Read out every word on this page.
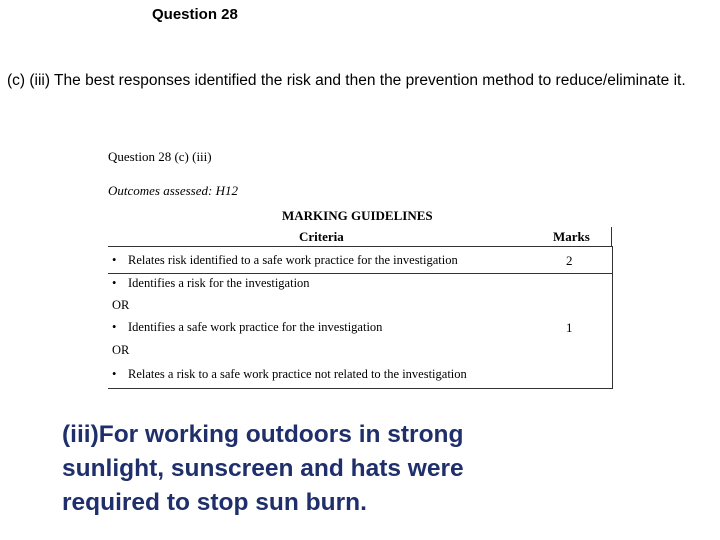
Question 28
(c) (iii) The best responses identified the risk and then the prevention method to reduce/eliminate it.
Question 28 (c) (iii)
Outcomes assessed: H12
MARKING GUIDELINES
Criteria	Marks
• Relates risk identified to a safe work practice for the investigation	2
• Identifies a risk for the investigation
OR
• Identifies a safe work practice for the investigation
OR
• Relates a risk to a safe work practice not related to the investigation
1
(iii)For working outdoors in strong sunlight, sunscreen and hats were required to stop sun burn.
